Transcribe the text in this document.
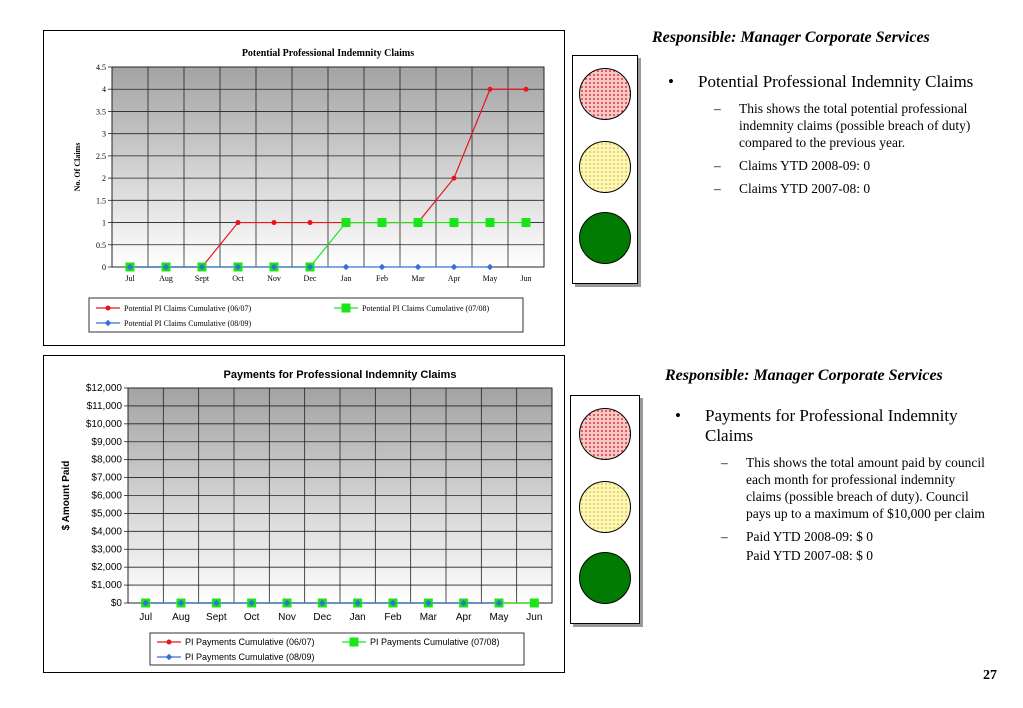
0
0.5
1
1.5
2
2.5
3
3.5
4
4.5
Jul	Aug	Sept	Oct	Nov	Dec	Jan	Feb	Mar	Apr	May	Jun
Potential Professional Indemnity Claims
No. Of Claims
Potential PI Claims Cumulative (06/07)	Potential PI Claims Cumulative (07/08)
Potential PI Claims Cumulative (08/09)
$0
$1,000
$2,000
$3,000
$4,000
$5,000
$6,000
$7,000
$8,000
$9,000
$10,000
$11,000
$12,000
Jul Aug Sept Oct Nov Dec Jan Feb Mar Apr May Jun
Payments for Professional Indemnity Claims
$ Amount Paid
PI Payments Cumulative (06/07)	PI Payments Cumulative (07/08)
PI Payments Cumulative (08/09)
Responsible: Manager Corporate Services
• Potential Professional Indemnity Claims
– This shows the total potential professional indemnity claims (possible breach of duty) compared to the previous year.
– Claims YTD 2008-09: 0
– Claims YTD 2007-08: 0
Responsible: Manager Corporate Services
• Payments for Professional Indemnity Claims
– This shows the total amount paid by council each month for professional indemnity claims (possible breach of duty). Council pays up to a maximum of $10,000 per claim
– Paid YTD 2008-09: $ 0
Paid YTD 2007-08: $ 0
27
